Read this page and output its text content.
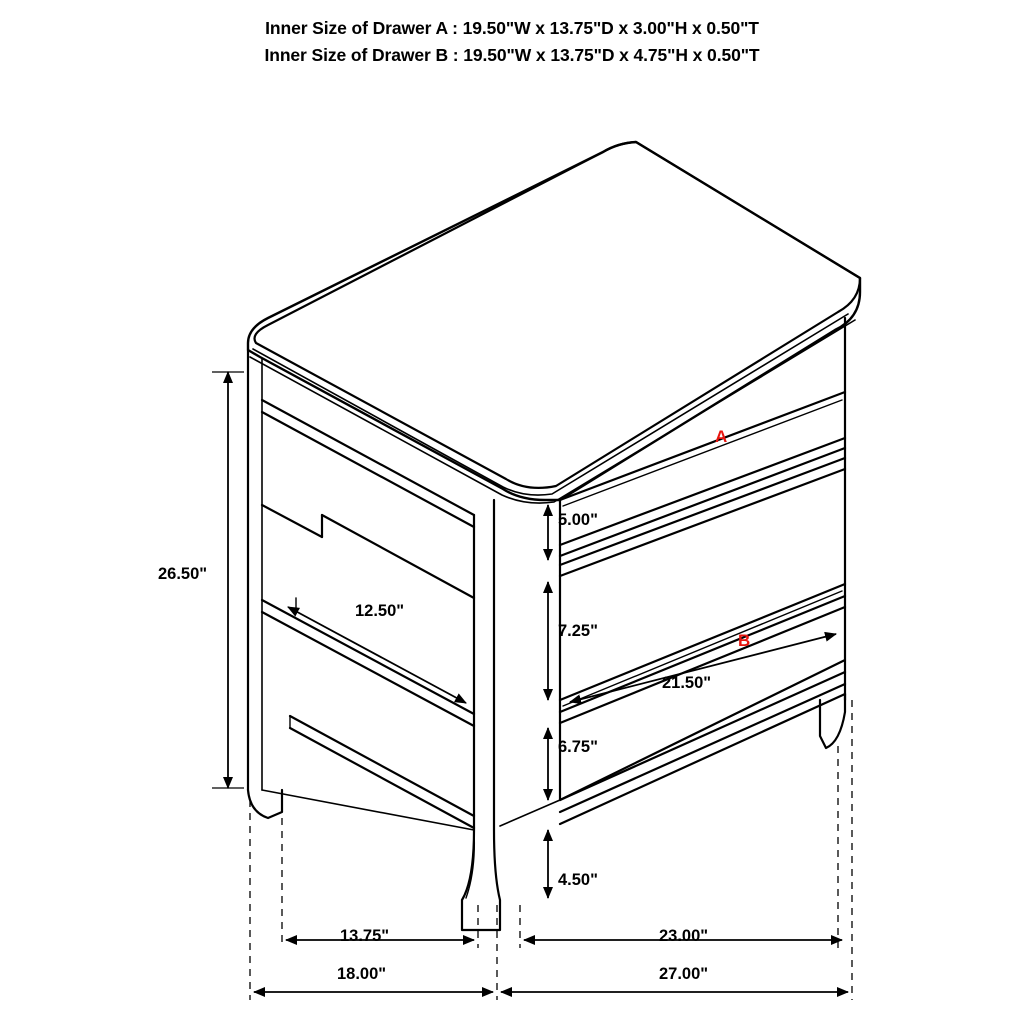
Inner Size of Drawer A : 19.50"W x 13.75"D x 3.00"H x 0.50"T
Inner Size of Drawer B : 19.50"W x 13.75"D x 4.75"H x 0.50"T
A
B
26.50"
5.00"
7.25"
6.75"
4.50"
12.50"
21.50"
13.75"	23.00"
18.00"	27.00"
